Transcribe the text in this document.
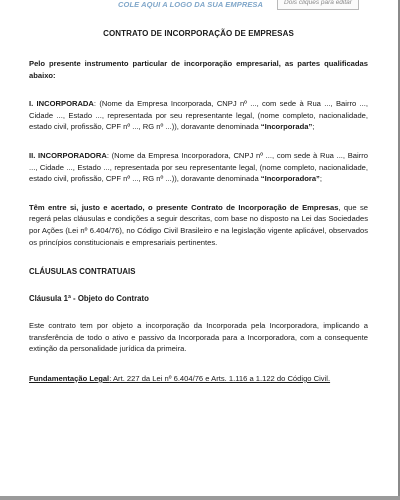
COLE AQUI A LOGO DA SUA EMPRESA	Dois cliques para editar
CONTRATO DE INCORPORAÇÃO DE EMPRESAS

Pelo presente instrumento particular de incorporação empresarial, as partes qualificadas abaixo:

I. INCORPORADA: (Nome da Empresa Incorporada, CNPJ nº ..., com sede à Rua ..., Bairro ..., Cidade ..., Estado ..., representada por seu representante legal, (nome completo, nacionalidade, estado civil, profissão, CPF nº ..., RG nº ...)), doravante denominada “Incorporada”;

II. INCORPORADORA: (Nome da Empresa Incorporadora, CNPJ nº ..., com sede à Rua ..., Bairro ..., Cidade ..., Estado ..., representada por seu representante legal, (nome completo, nacionalidade, estado civil, profissão, CPF nº ..., RG nº ...)), doravante denominada “Incorporadora”;

Têm entre si, justo e acertado, o presente Contrato de Incorporação de Empresas, que se regerá pelas cláusulas e condições a seguir descritas, com base no disposto na Lei das Sociedades por Ações (Lei nº 6.404/76), no Código Civil Brasileiro e na legislação vigente aplicável, observados os princípios constitucionais e empresariais pertinentes.

CLÁUSULAS CONTRATUAIS
Cláusula 1ª - Objeto do Contrato

Este contrato tem por objeto a incorporação da Incorporada pela Incorporadora, implicando a transferência de todo o ativo e passivo da Incorporada para a Incorporadora, com a consequente extinção da personalidade jurídica da primeira.

Fundamentação Legal: Art. 227 da Lei nº 6.404/76 e Arts. 1.116 a 1.122 do Código Civil.
